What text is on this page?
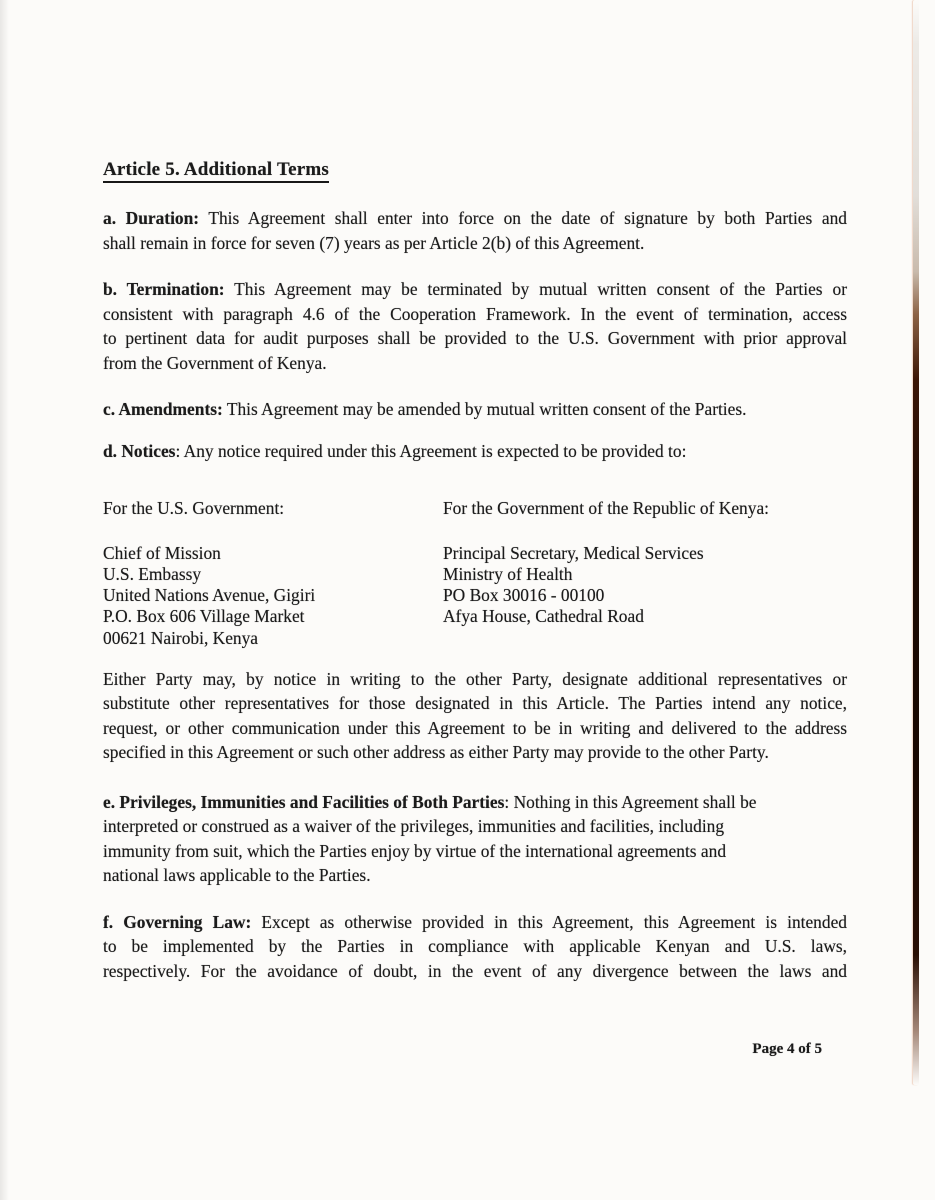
Article 5. Additional Terms
a. Duration: This Agreement shall enter into force on the date of signature by both Parties and
shall remain in force for seven (7) years as per Article 2(b) of this Agreement.
b. Termination: This Agreement may be terminated by mutual written consent of the Parties or
consistent with paragraph 4.6 of the Cooperation Framework. In the event of termination, access
to pertinent data for audit purposes shall be provided to the U.S. Government with prior approval
from the Government of Kenya.
c. Amendments: This Agreement may be amended by mutual written consent of the Parties.
d. Notices: Any notice required under this Agreement is expected to be provided to:
For the U.S. Government:	For the Government of the Republic of Kenya:
Chief of Mission
U.S. Embassy
United Nations Avenue, Gigiri
P.O. Box 606 Village Market
00621 Nairobi, Kenya
Principal Secretary, Medical Services
Ministry of Health
PO Box 30016 - 00100
Afya House, Cathedral Road
Either Party may, by notice in writing to the other Party, designate additional representatives or
substitute other representatives for those designated in this Article. The Parties intend any notice,
request, or other communication under this Agreement to be in writing and delivered to the address
specified in this Agreement or such other address as either Party may provide to the other Party.
e. Privileges, Immunities and Facilities of Both Parties: Nothing in this Agreement shall be
interpreted or construed as a waiver of the privileges, immunities and facilities, including
immunity from suit, which the Parties enjoy by virtue of the international agreements and
national laws applicable to the Parties.
f. Governing Law: Except as otherwise provided in this Agreement, this Agreement is intended
to be implemented by the Parties in compliance with applicable Kenyan and U.S. laws,
respectively. For the avoidance of doubt, in the event of any divergence between the laws and
Page 4 of 5
